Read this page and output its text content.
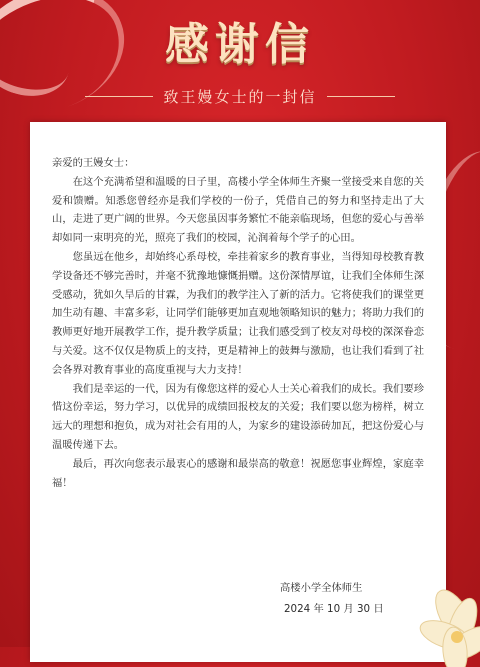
感谢信
致王嫚女士的一封信
亲爱的王嫚女士：

在这个充满希望和温暖的日子里，高楼小学全体师生齐聚一堂接受来自您的关爱和馈赠。知悉您曾经亦是我们学校的一份子，凭借自己的努力和坚持走出了大山，走进了更广阔的世界。今天您虽因事务繁忙不能亲临现场，但您的爱心与善举却如同一束明亮的光，照亮了我们的校园，沁润着每个学子的心田。

您虽远在他乡，却始终心系母校，牵挂着家乡的教育事业，当得知母校教育教学设备还不够完善时，并毫不犹豫地慷慨捐赠。这份深情厚谊，让我们全体师生深受感动，犹如久旱后的甘霖，为我们的教学注入了新的活力。它将使我们的课堂更加生动有趣、丰富多彩，让同学们能够更加直观地领略知识的魅力；将助力我们的教师更好地开展教学工作，提升教学质量；让我们感受到了校友对母校的深深眷恋与关爱。这不仅仅是物质上的支持，更是精神上的鼓舞与激励，也让我们看到了社会各界对教育事业的高度重视与大力支持！

我们是幸运的一代，因为有像您这样的爱心人士关心着我们的成长。我们要珍惜这份幸运，努力学习，以优异的成绩回报校友的关爱；我们要以您为榜样，树立远大的理想和抱负，成为对社会有用的人，为家乡的建设添砖加瓦，把这份爱心与温暖传递下去。

最后，再次向您表示最衷心的感谢和最崇高的敬意！祝愿您事业辉煌，家庭幸福！

高楼小学全体师生
2024 年 10 月 30 日
